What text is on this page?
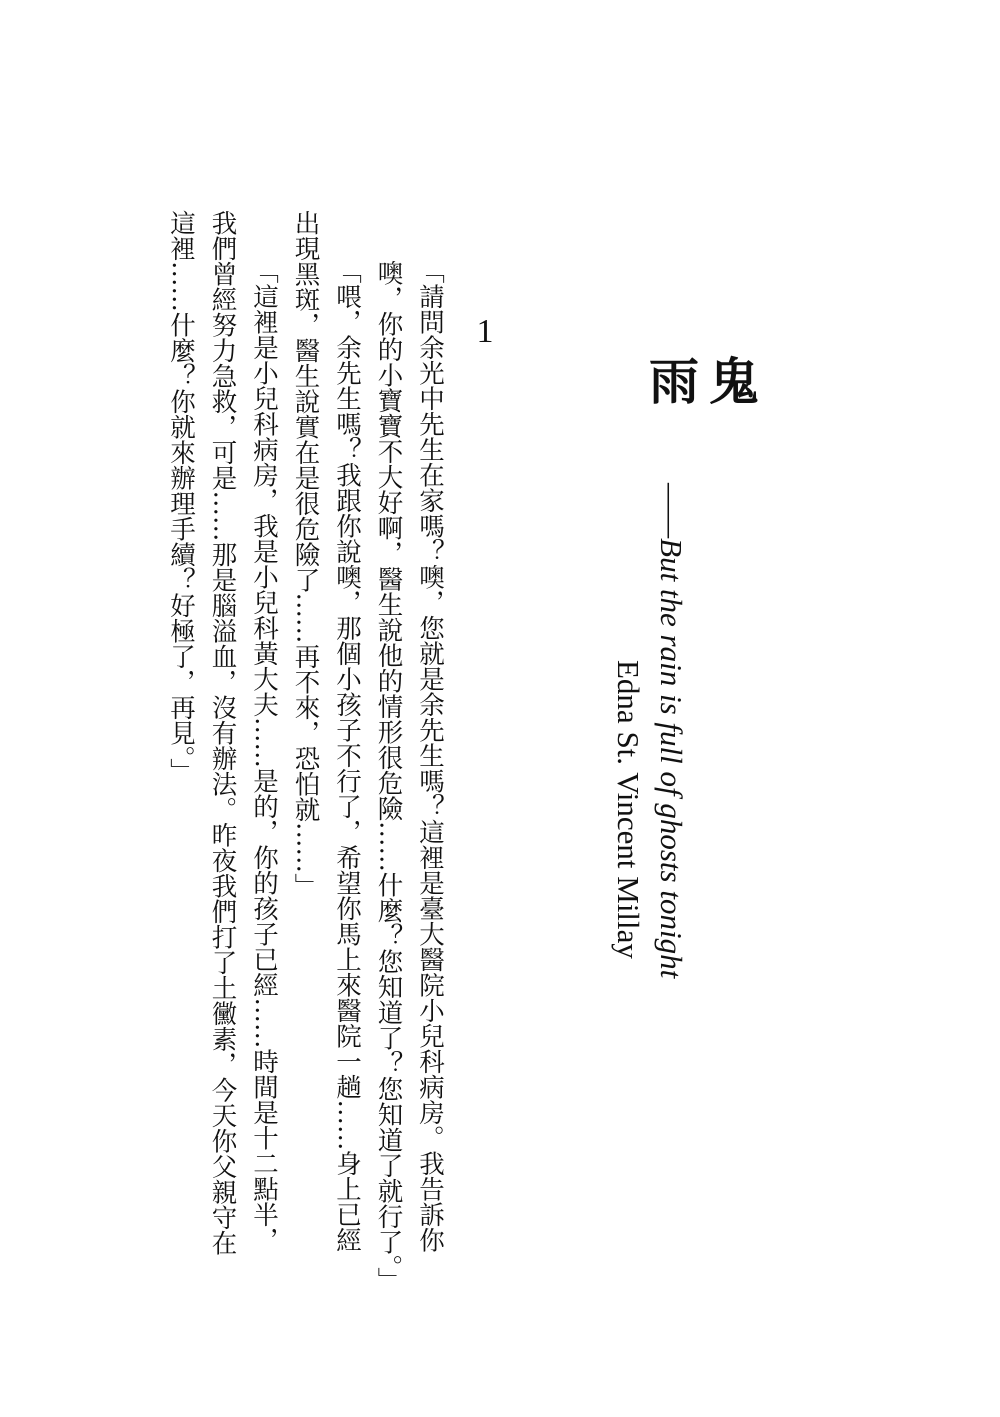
鬼　雨
——But the rain is full of ghosts tonight
Edna St. Vincent Millay
1
「請問余光中先生在家嗎？噢，您就是余先生嗎？這裡是臺大醫院小兒科病房。我告訴你
噢，你的小寶寶不大好啊，醫生說他的情形很危險……什麼？您知道了？您知道了就行了。」
「喂，余先生嗎？我跟你說噢，那個小孩子不行了，希望你馬上來醫院一趟……身上已經
出現黑斑，醫生說實在是很危險了……再不來，恐怕就……」
「這裡是小兒科病房，我是小兒科黃大夫……是的，你的孩子已經……時間是十二點半，
我們曾經努力急救，可是……那是腦溢血，沒有辦法。昨夜我們打了土黴素，今天你父親守在
這裡……什麼？你就來辦理手續？好極了，再見。」
